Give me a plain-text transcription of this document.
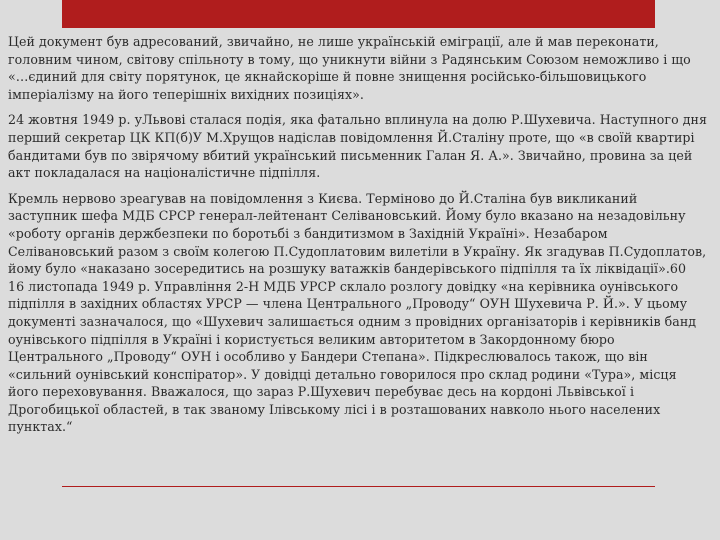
Цей документ був адресований, звичайно, не лише українській еміграції, але й мав переконати, головним чином, світову спільноту в тому, що уникнути війни з Радянським Союзом неможливо і що «…єдиний для світу порятунок, це якнайскоріше й повне знищення російсько-більшовицького імперіалізму на його теперішніх вихідних позиціях».

24 жовтня 1949 р. уЛьвові сталася подія, яка фатально вплинула на долю Р.Шухевича. Наступного дня перший секретар ЦК КП(б)У М.Хрущов надіслав повідомлення Й.Сталіну проте, що «в своїй квартирі бандитами був по звірячому вбитий український письменник Галан Я. А.». Звичайно, провина за цей акт покладалася на націоналістичне підпілля.

Кремль нервово зреагував на повідомлення з Києва. Терміново до Й.Сталіна був викликаний заступник шефа МДБ СРСР генерал-лейтенант Селівановський. Йому було вказано на незадовільну «роботу органів держбезпеки по боротьбі з бандитизмом в Західній Україні». Незабаром Селівановський разом з своїм колегою П.Судоплатовим вилетіли в Україну. Як згадував П.Судоплатов, йому було «наказано зосередитись на розшуку ватажків бандерівського підпілля та їх ліквідації».60

16 листопада 1949 р. Управління 2-Н МДБ УРСР склало розлогу довідку «на керівника оунівського підпілля в західних областях УРСР — члена Центрального „Проводу“ ОУН Шухевича Р. Й.». У цьому документі зазначалося, що «Шухевич залишається одним з провідних організаторів і керівників банд оунівського підпілля в Україні і користується великим авторитетом в Закордонному бюро Центрального „Проводу“ ОУН і особливо у Бандери Степана». Підкреслювалось також, що він «сильний оунівський конспіратор». У довідці детально говорилося про склад родини «Тура», місця його переховування. Вважалося, що зараз Р.Шухевич перебуває десь на кордоні Львівської і Дрогобицької областей, в так званому Ілівському лісі і в розташованих навколо нього населених пунктах.“
